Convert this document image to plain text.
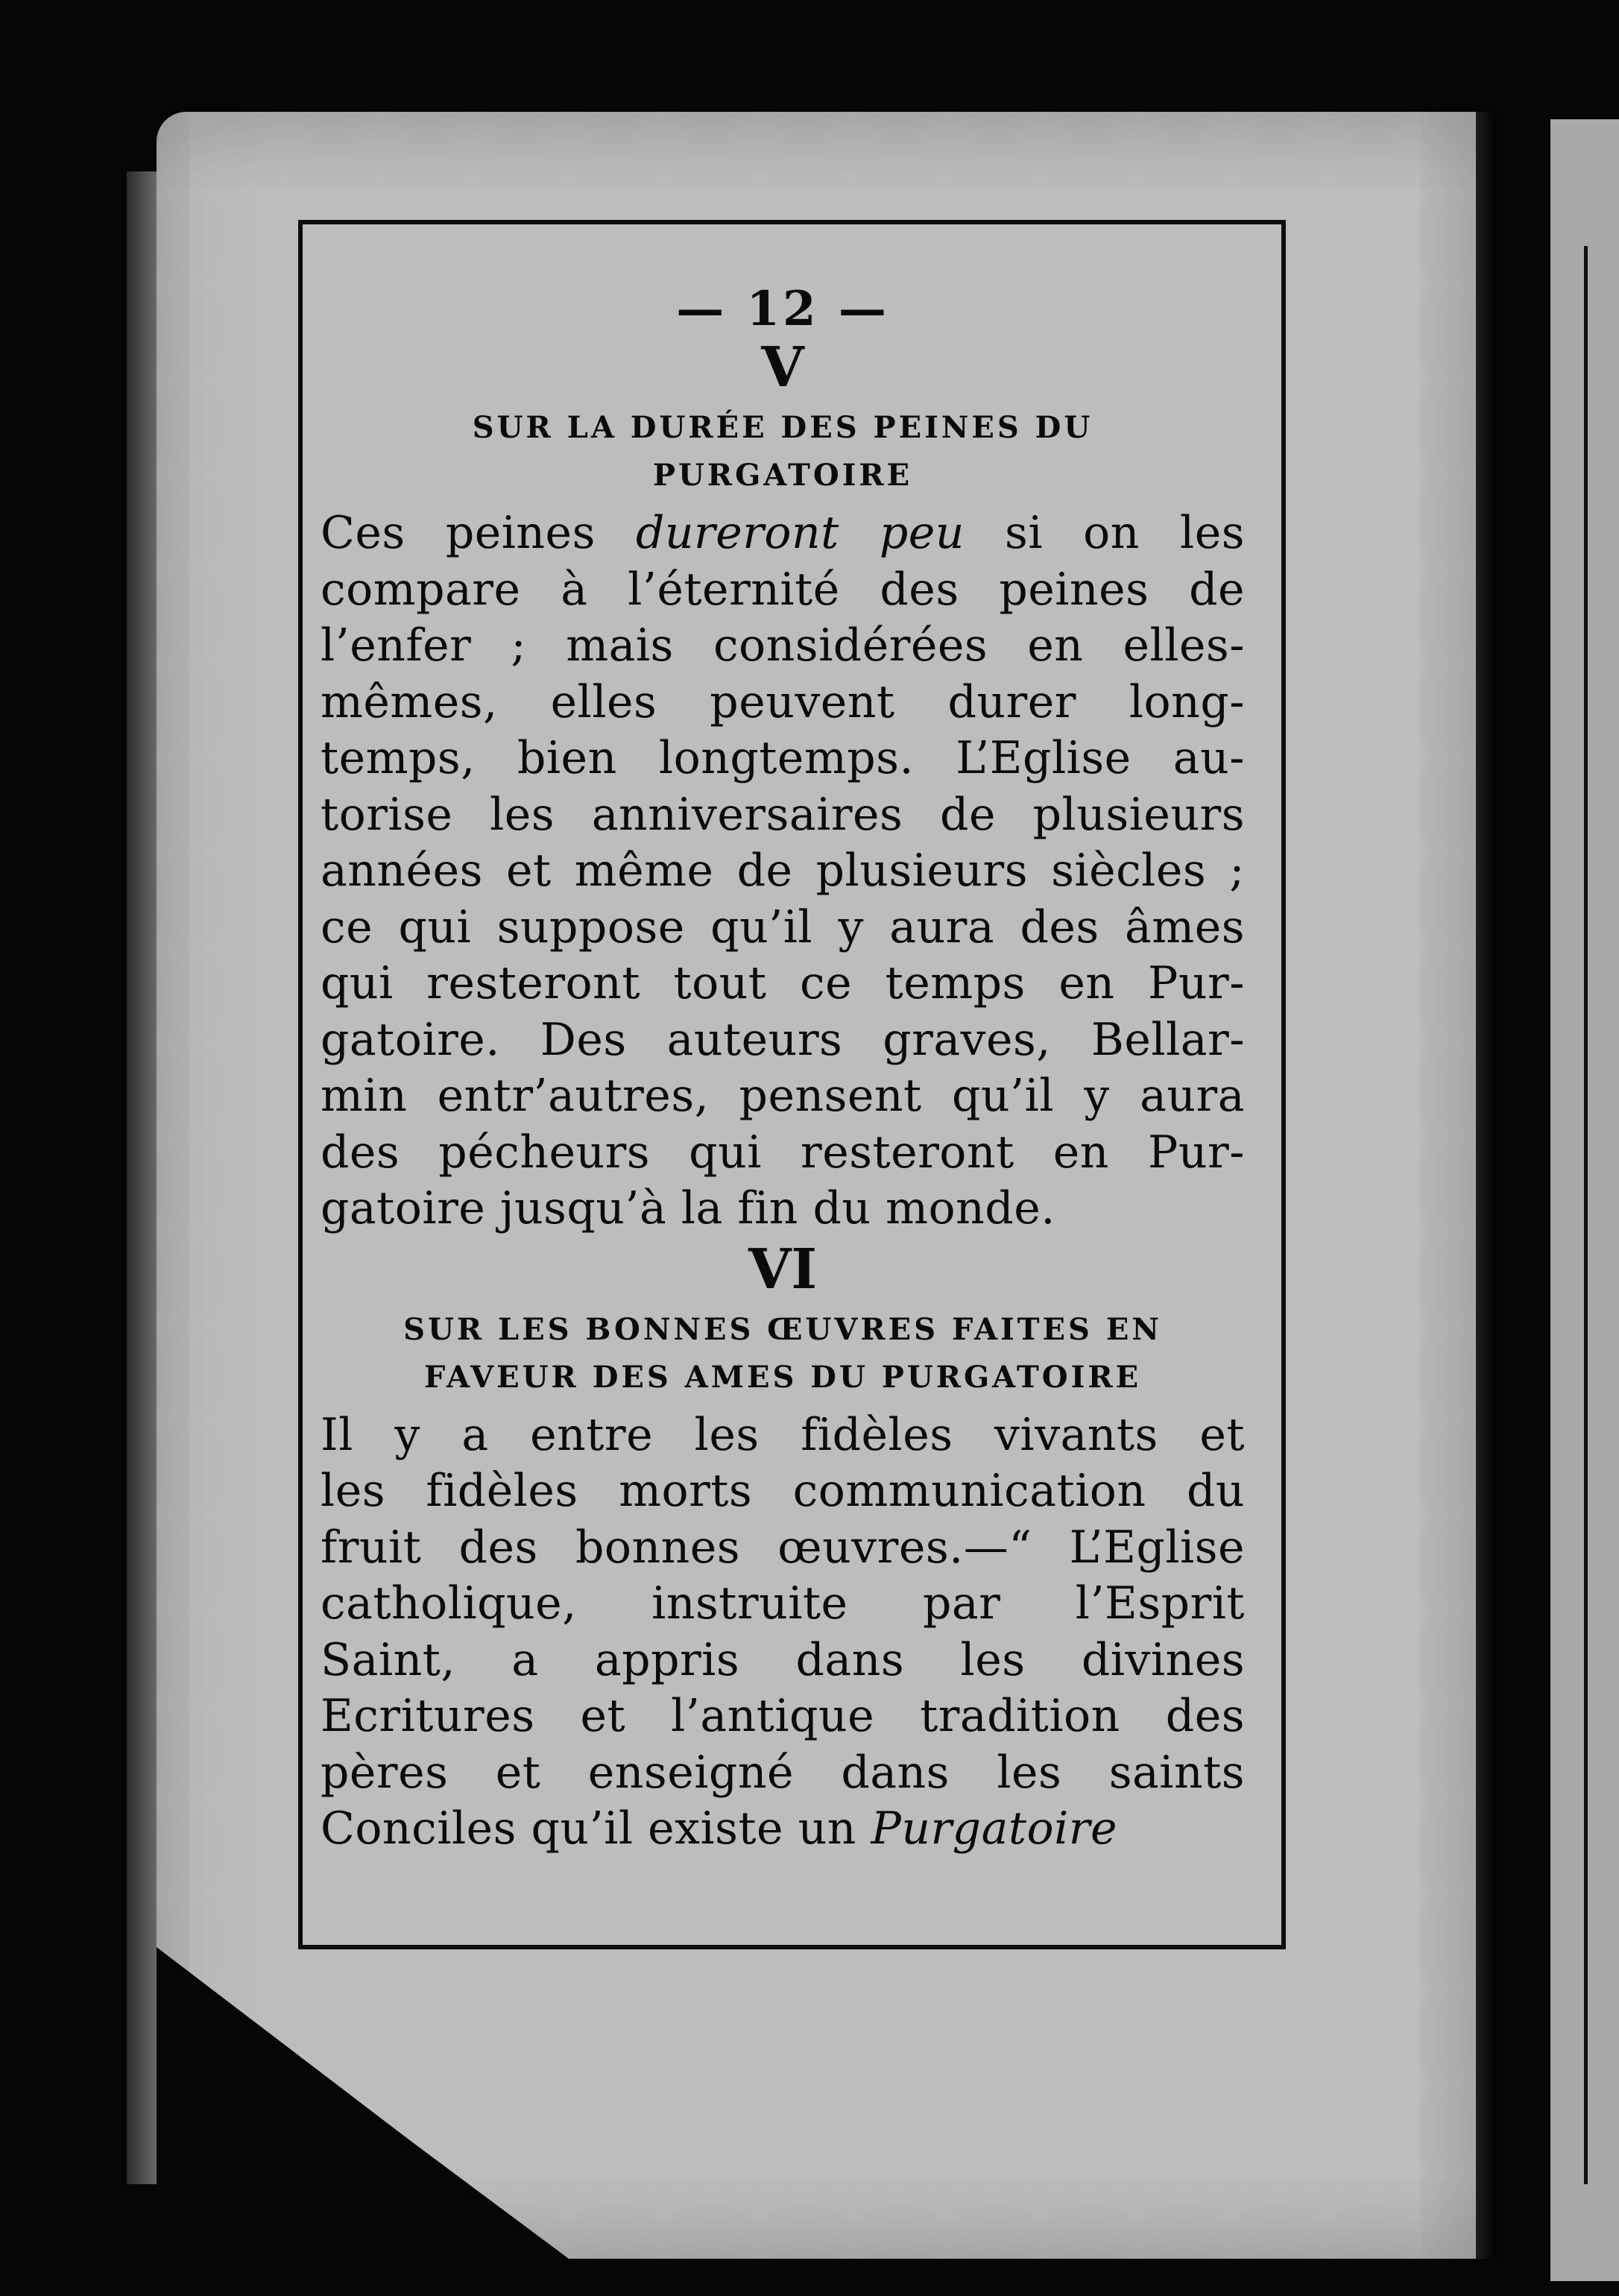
— 12 —

V

SUR LA DURÉE DES PEINES DU
PURGATOIRE
Ces peines dureront peu si on les
compare à l’éternité des peines de
l’enfer ; mais considérées en elles-
mêmes, elles peuvent durer long-
temps, bien longtemps. L’Eglise au-
torise les anniversaires de plusieurs
années et même de plusieurs siècles ;
ce qui suppose qu’il y aura des âmes
qui resteront tout ce temps en Pur-
gatoire. Des auteurs graves, Bellar-
min entr’autres, pensent qu’il y aura
des pécheurs qui resteront en Pur-
gatoire jusqu’à la fin du monde.

VI

SUR LES BONNES ŒUVRES FAITES EN
FAVEUR DES AMES DU PURGATOIRE
Il y a entre les fidèles vivants et
les fidèles morts communication du
fruit des bonnes œuvres.—“ L’Eglise
catholique, instruite par l’Esprit
Saint, a appris dans les divines
Ecritures et l’antique tradition des
pères et enseigné dans les saints
Conciles qu’il existe un Purgatoire
